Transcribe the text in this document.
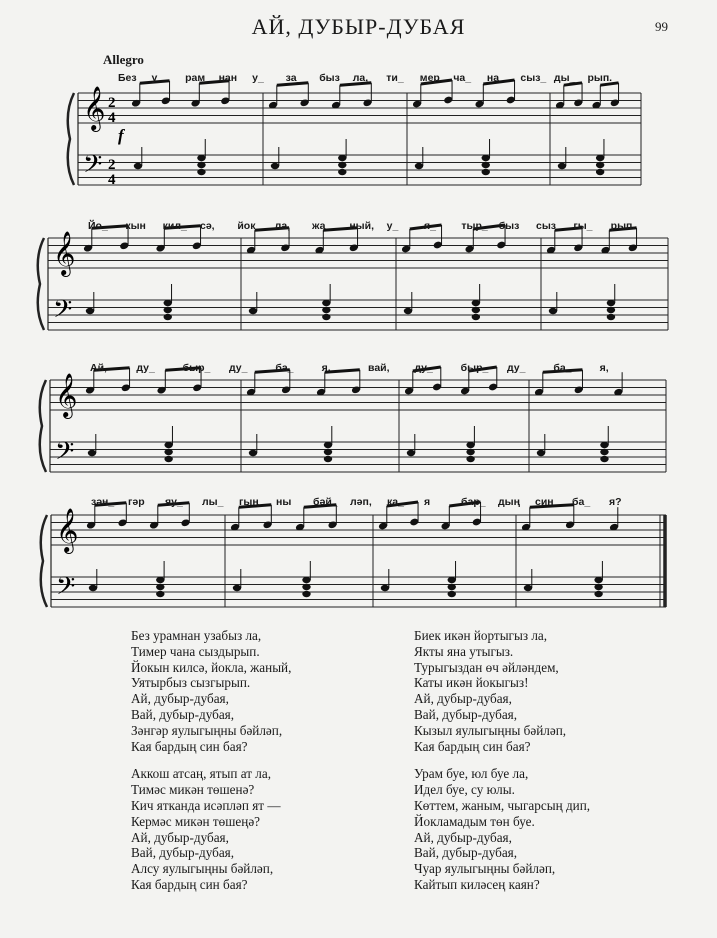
АЙ, ДУБЫР-ДУБАЯ	99
Allegro
𝄞
𝄢
2
4
2
4
f
𝄞
𝄢
𝄞
𝄢
𝄞
𝄢
Без у_ рам_ нан у_ за_ быз ла, ти_ мер ча_ на сыз_ ды_ рып.
Йо_ кын кил_ сә, йок_ ла, жа_ ный, у_ я_ тыр_ быз сыз_ гы_ рып.
Ай,	ду_	быр_ ду_	ба_	я,	вай, ду_	быр_ ду_	ба_	я,
зән_ гәр яу_ лы_ гың_ ны бәй_ ләп, ка_ я	бар_ дың син ба_ я?
Без урамнан узабыз ла,
Тимер чана сыздырып.
Йокын килсә, йокла, жаный,
Уятырбыз сызгырып.
Ай, дубыр-дубая,
Вай, дубыр-дубая,
Зәнгәр яулыгыңны бәйләп,
Кая бардың син бая?
Аккош атсаң, ятып ат ла,
Тимәс микән төшенә?
Кич ятканда исәпләп ят —
Кермәс микән төшеңә?
Ай, дубыр-дубая,
Вай, дубыр-дубая,
Алсу яулыгыңны бәйләп,
Кая бардың син бая?
Биек икән йортыгыз ла,
Якты яна утыгыз.
Турыгыздан өч әйләндем,
Каты икән йокыгыз!
Ай, дубыр-дубая,
Вай, дубыр-дубая,
Кызыл яулыгыңны бәйләп,
Кая бардың син бая?
Урам буе, юл буе ла,
Идел буе, су юлы.
Көттем, жаным, чыгарсың дип,
Йокламадым төн буе.
Ай, дубыр-дубая,
Вай, дубыр-дубая,
Чуар яулыгыңны бәйләп,
Кайтып киләсең каян?
